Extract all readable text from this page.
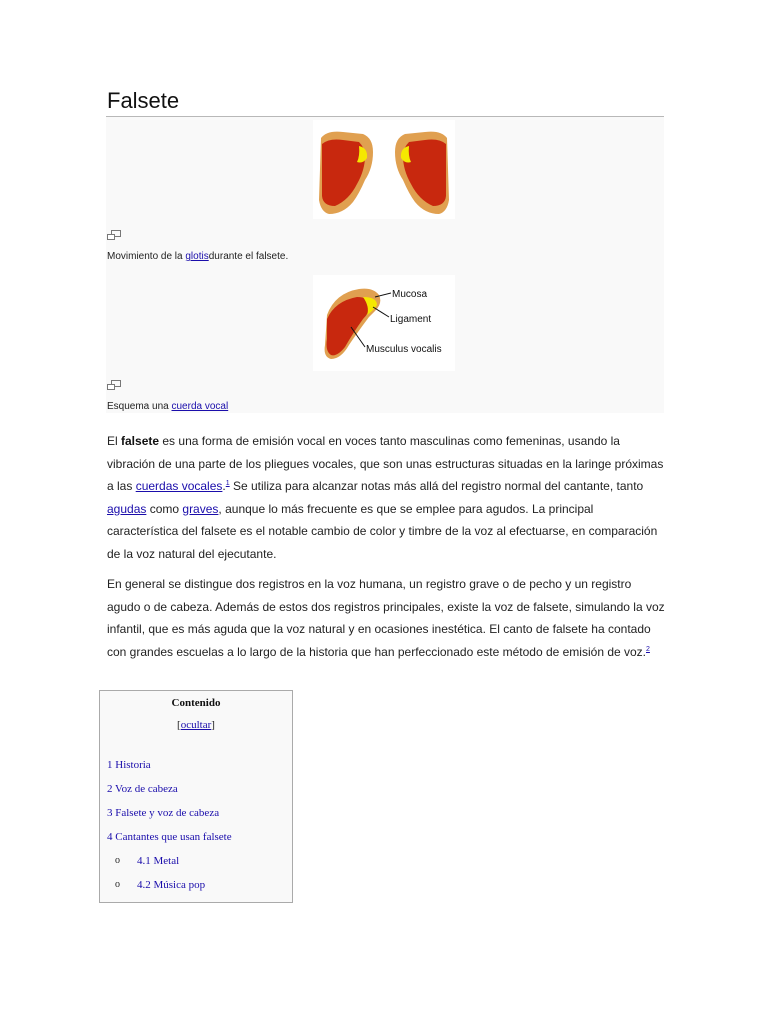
Falsete
Movimiento de la glotisdurante el falsete.
Mucosa
Ligament
Musculus vocalis
Esquema una cuerda vocal

El falsete es una forma de emisión vocal en voces tanto masculinas como femeninas, usando la vibración de una parte de los pliegues vocales, que son unas estructuras situadas en la laringe próximas a las cuerdas vocales.$^1$ Se utiliza para alcanzar notas más allá del registro normal del cantante, tanto agudas como graves, aunque lo más frecuente es que se emplee para agudos. La principal característica del falsete es el notable cambio de color y timbre de la voz al efectuarse, en comparación de la voz natural del ejecutante.

En general se distingue dos registros en la voz humana, un registro grave o de pecho y un registro agudo o de cabeza. Además de estos dos registros principales, existe la voz de falsete, simulando la voz infantil, que es más aguda que la voz natural y en ocasiones inestética. El canto de falsete ha contado con grandes escuelas a lo largo de la historia que han perfeccionado este método de emisión de voz.$^2$

Contenido
[ocultar]
1 Historia
2 Voz de cabeza
3 Falsete y voz de cabeza
4 Cantantes que usan falsete
o 4.1 Metal
o 4.2 Música pop
